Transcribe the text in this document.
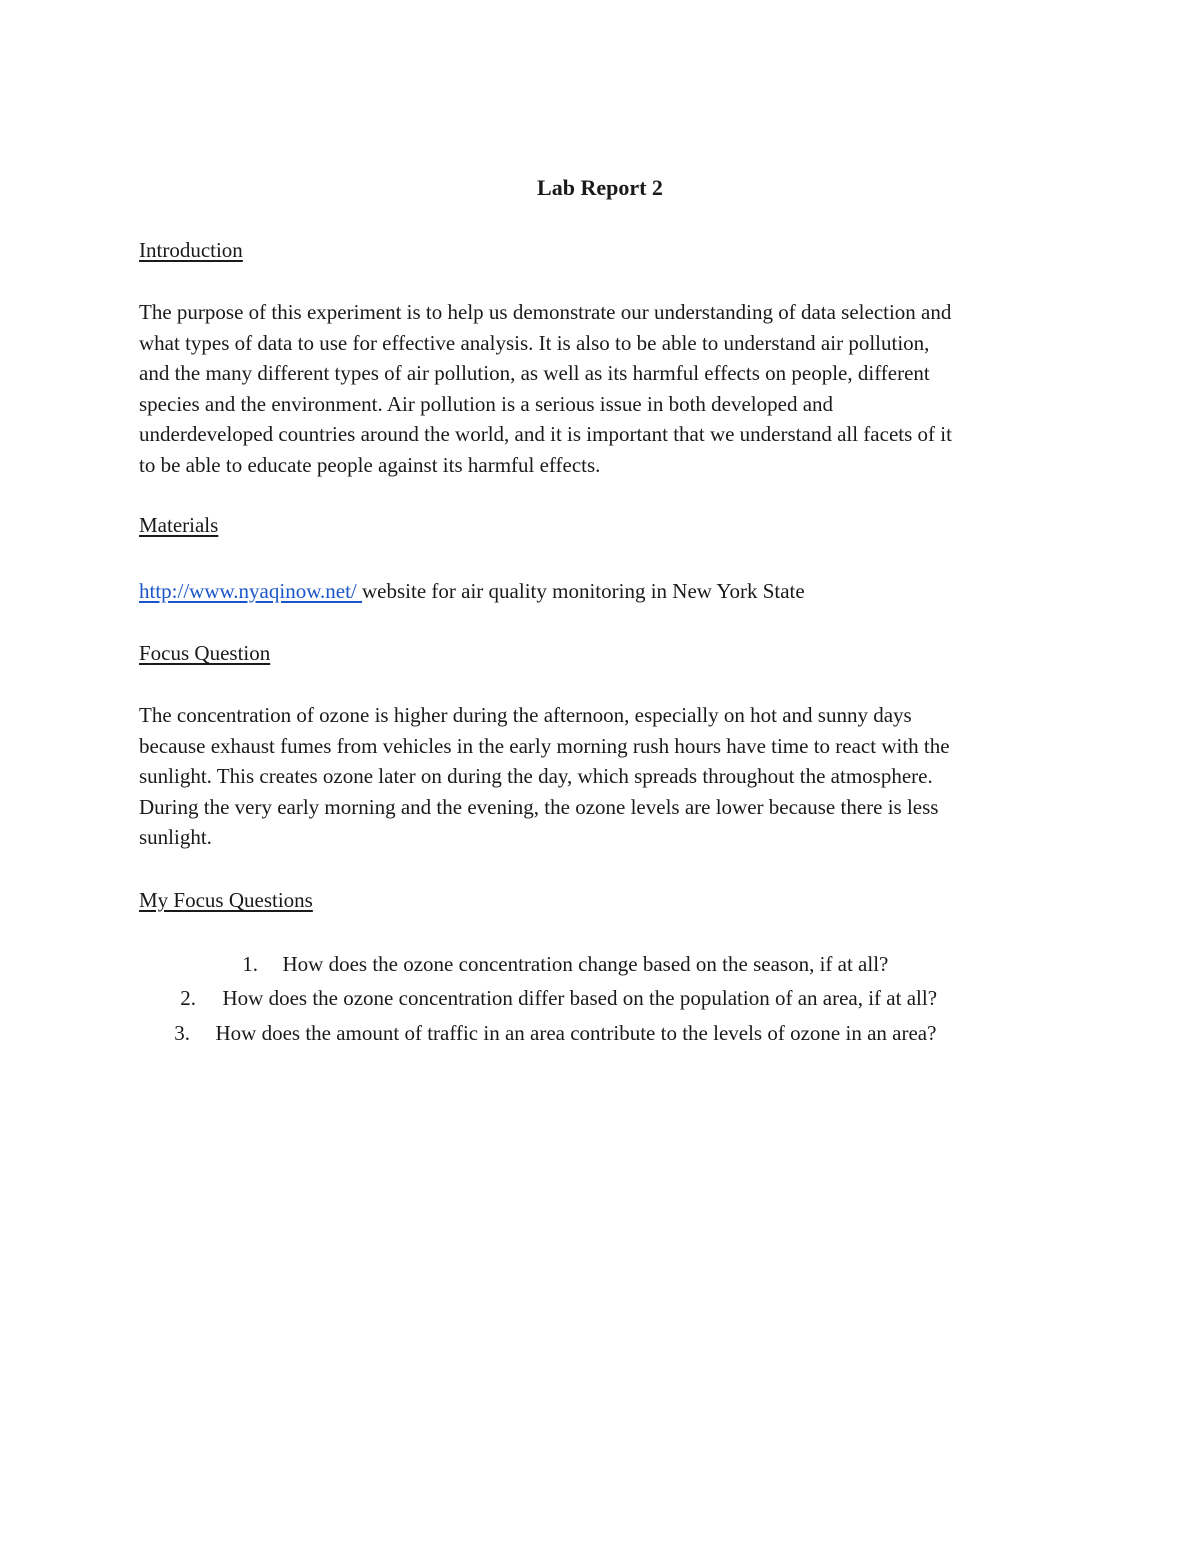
Lab Report 2
Introduction
The purpose of this experiment is to help us demonstrate our understanding of data selection and
what types of data to use for effective analysis. It is also to be able to understand air pollution,
and the many different types of air pollution, as well as its harmful effects on people, different
species and the environment. Air pollution is a serious issue in both developed and
underdeveloped countries around the world, and it is important that we understand all facets of it
to be able to educate people against its harmful effects.
Materials
http://www.nyaqinow.net/ website for air quality monitoring in New York State
Focus Question
The concentration of ozone is higher during the afternoon, especially on hot and sunny days
because exhaust fumes from vehicles in the early morning rush hours have time to react with the
sunlight. This creates ozone later on during the day, which spreads throughout the atmosphere.
During the very early morning and the evening, the ozone levels are lower because there is less
sunlight.
My Focus Questions
1. How does the ozone concentration change based on the season, if at all?
2. How does the ozone concentration differ based on the population of an area, if at all?
3. How does the amount of traffic in an area contribute to the levels of ozone in an area?
